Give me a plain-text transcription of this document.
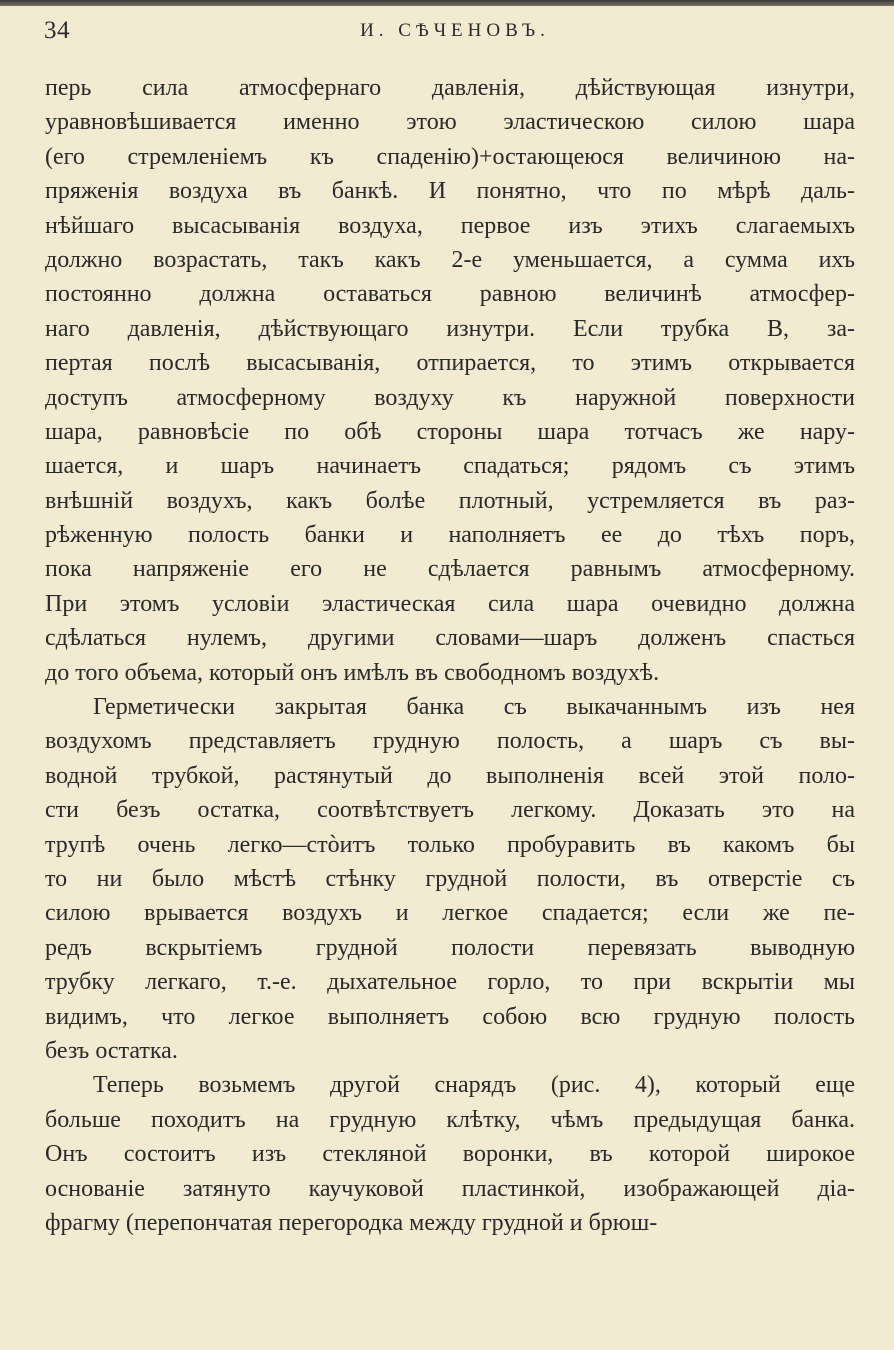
34	И. СѢЧЕНОВЪ.
перь сила атмосфернаго давленія, дѣйствующая изнутри,
уравновѣшивается именно этою эластическою силою шара
(его стремленіемъ къ спаденію)+остающеюся величиною на-
пряженія воздуха въ банкѣ. И понятно, что по мѣрѣ даль-
нѣйшаго высасыванія воздуха, первое изъ этихъ слагаемыхъ
должно возрастать, такъ какъ 2-е уменьшается, а сумма ихъ
постоянно должна оставаться равною величинѣ атмосфер-
наго давленія, дѣйствующаго изнутри. Если трубка B, за-
пертая послѣ высасыванія, отпирается, то этимъ открывается
доступъ атмосферному воздуху къ наружной поверхности
шара, равновѣсіе по обѣ стороны шара тотчасъ же нару-
шается, и шаръ начинаетъ спадаться; рядомъ съ этимъ
внѣшній воздухъ, какъ болѣе плотный, устремляется въ раз-
рѣженную полость банки и наполняетъ ее до тѣхъ поръ,
пока напряженіе его не сдѣлается равнымъ атмосферному.
При этомъ условіи эластическая сила шара очевидно должна
сдѣлаться нулемъ, другими словами—шаръ долженъ спасться
до того объема, который онъ имѣлъ въ свободномъ воздухѣ.
Герметически закрытая банка съ выкачаннымъ изъ нея
воздухомъ представляетъ грудную полость, а шаръ съ вы-
водной трубкой, растянутый до выполненія всей этой поло-
сти безъ остатка, соотвѣтствуетъ легкому. Доказать это на
трупѣ очень легко—стòитъ только пробуравить въ какомъ бы
то ни было мѣстѣ стѣнку грудной полости, въ отверстіе съ
силою врывается воздухъ и легкое спадается; если же пе-
редъ вскрытіемъ грудной полости перевязать выводную
трубку легкаго, т.-е. дыхательное горло, то при вскрытіи мы
видимъ, что легкое выполняетъ собою всю грудную полость
безъ остатка.
Теперь возьмемъ другой снарядъ (рис. 4), который еще
больше походитъ на грудную клѣтку, чѣмъ предыдущая банка.
Онъ состоитъ изъ стекляной воронки, въ которой широкое
основаніе затянуто каучуковой пластинкой, изображающей діа-
фрагму (перепончатая перегородка между грудной и брюш-
